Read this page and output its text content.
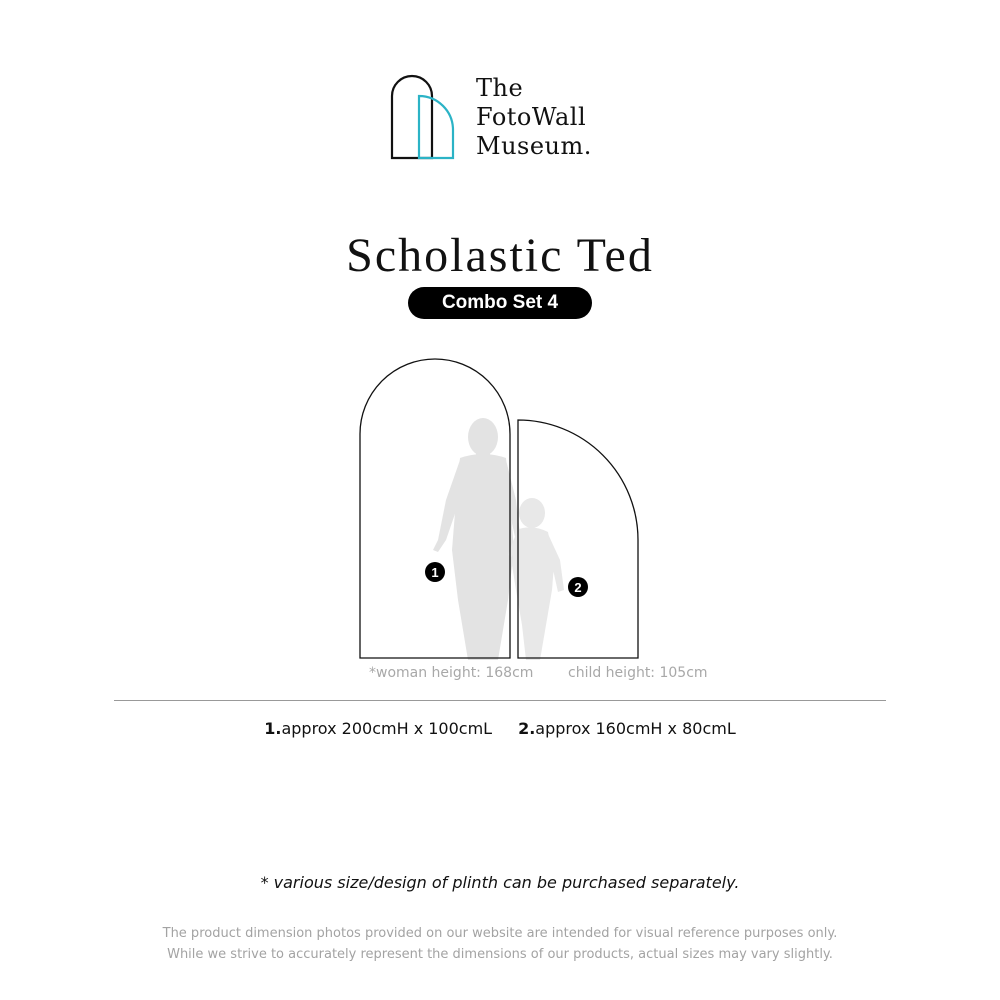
The
FotoWall
Museum.
Scholastic Ted
Combo Set 4
1
2
*woman height: 168cm child height: 105cm
1.approx 200cmH x 100cmL 2.approx 160cmH x 80cmL
* various size/design of plinth can be purchased separately.
The product dimension photos provided on our website are intended for visual reference purposes only.
While we strive to accurately represent the dimensions of our products, actual sizes may vary slightly.
